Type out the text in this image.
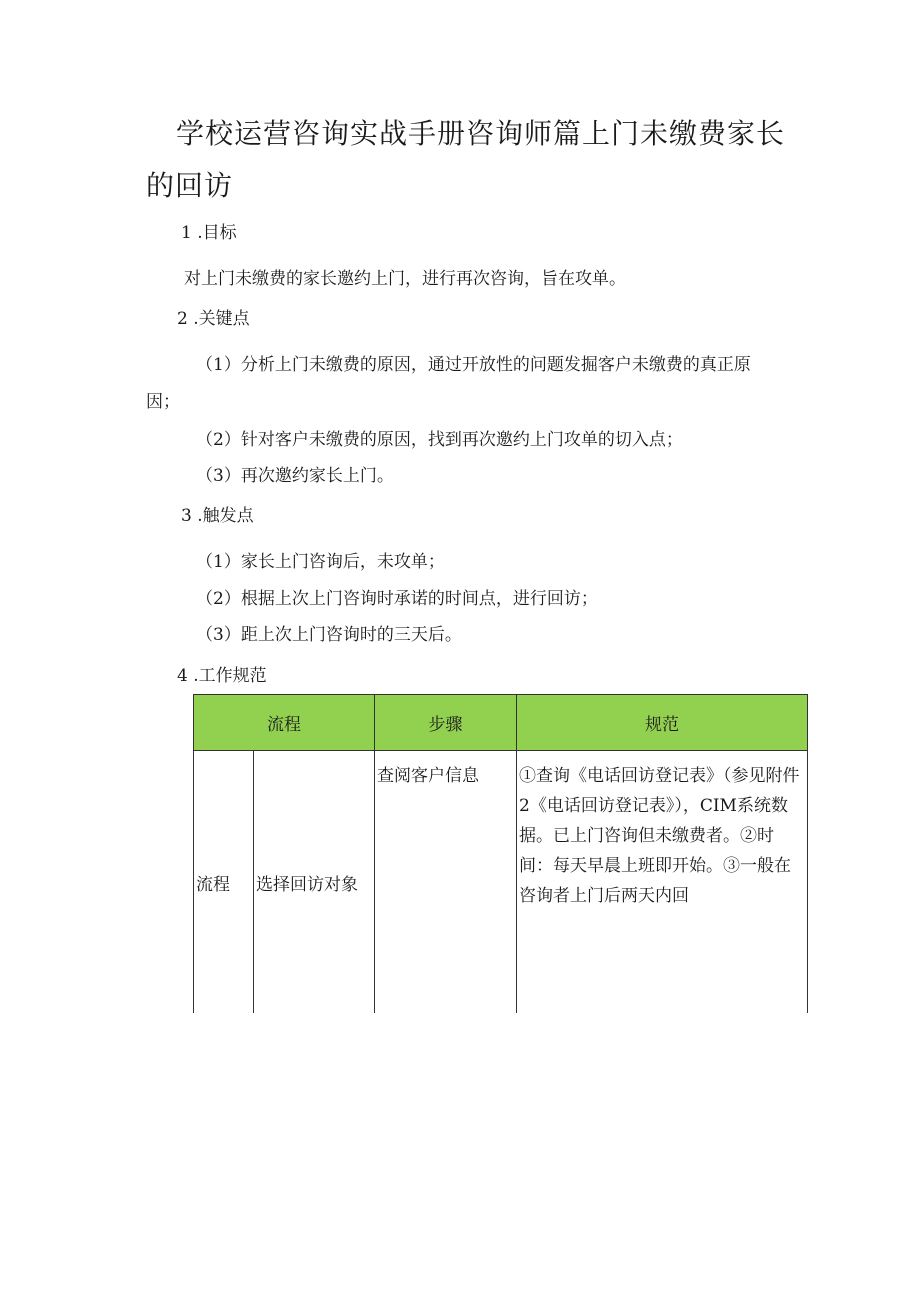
学校运营咨询实战手册咨询师篇上门未缴费家长
的回访
1 .目标
对上门未缴费的家长邀约上门，进行再次咨询，旨在攻单。
2 .关键点
（1）分析上门未缴费的原因，通过开放性的问题发掘客户未缴费的真正原
因；
（2）针对客户未缴费的原因，找到再次邀约上门攻单的切入点；
（3）再次邀约家长上门。
3 .触发点
（1）家长上门咨询后，未攻单；
（2）根据上次上门咨询时承诺的时间点，进行回访；
（3）距上次上门咨询时的三天后。
4 .工作规范
流程		步骤	规范
流程	选择回访对象	查阅客户信息	①查询《电话回访登记表》（参见附件2《电话回访登记表》），CIM系统数据。已上门咨询但未缴费者。②时间：每天早晨上班即开始。③一般在咨询者上门后两天内回
